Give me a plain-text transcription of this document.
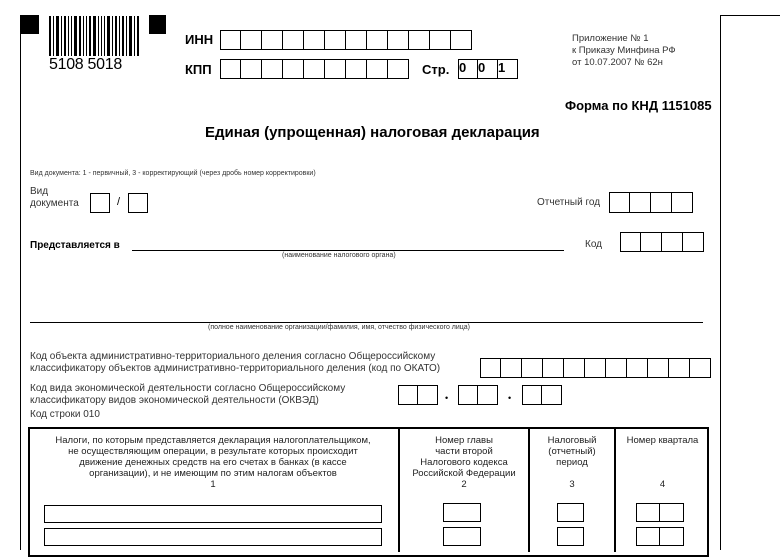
5108 5018
ИНН
КПП	Стр. 0 0 1
Приложение № 1
к Приказу Минфина РФ
от 10.07.2007 № 62н
Форма по КНД 1151085
Единая (упрощенная) налоговая декларация
Вид документа: 1 - первичный, 3 - корректирующий (через дробь номер корректировки)
Вид
документа	/	Отчетный год
Представляется в
(наименование налогового органа)
Код
(полное наименование организации/фамилия, имя, отчество физического лица)
Код объекта административно-территориального деления согласно Общероссийскому
классификатору объектов административно-территориального деления (код по ОКАТО)
Код вида экономической деятельности согласно Общероссийскому
классификатору видов экономической деятельности (ОКВЭД)	•	•
Код строки 010
Налоги, по которым представляется декларация налогоплательщиком,
не осуществляющим операции, в результате которых происходит
движение денежных средств на его счетах в банках (в кассе
организации), и не имеющим по этим налогам объектов
1
Номер главы
части второй
Налогового кодекса
Российской Федерации
2
Налоговый
(отчетный)
период
3
Номер квартала
4
